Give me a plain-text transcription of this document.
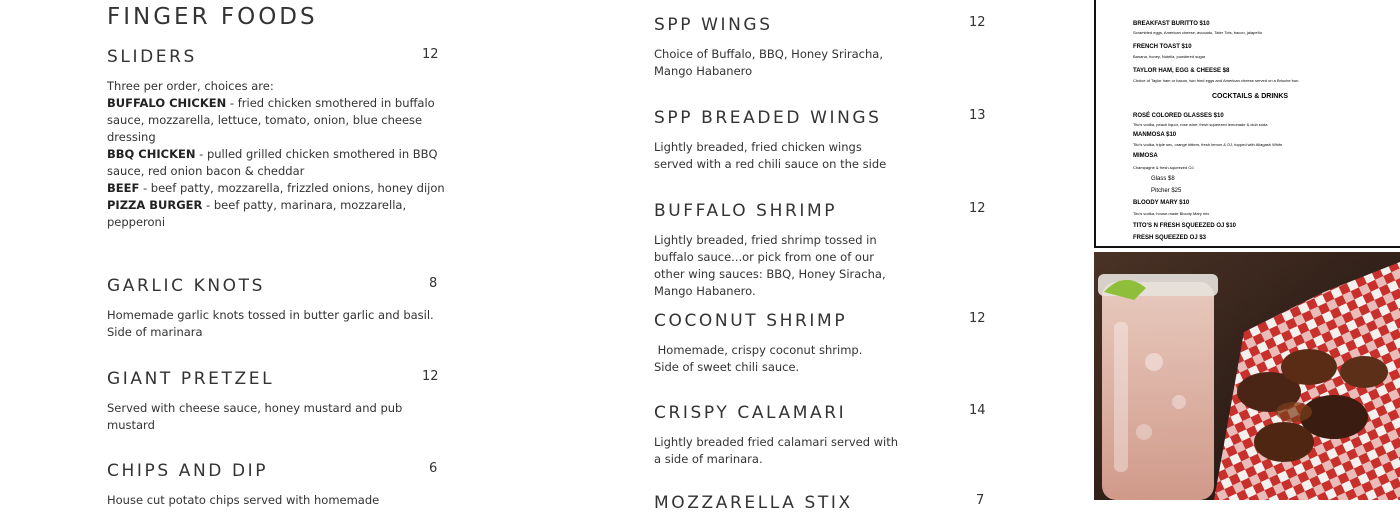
FINGER FOODS
SLIDERS	12

Three per order, choices are:

BUFFALO CHICKEN - fried chicken smothered in buffalo sauce, mozzarella, lettuce, tomato, onion, blue cheese dressing

BBQ CHICKEN - pulled grilled chicken smothered in BBQ sauce, red onion bacon & cheddar

BEEF - beef patty, mozzarella, frizzled onions, honey dijon

PIZZA BURGER - beef patty, marinara, mozzarella, pepperoni

GARLIC KNOTS	8
Homemade garlic knots tossed in butter garlic and basil. Side of marinara
GIANT PRETZEL	12
Served with cheese sauce, honey mustard and pub mustard
CHIPS AND DIP	6
House cut potato chips served with homemade
SPP WINGS	12
Choice of Buffalo, BBQ, Honey Sriracha, Mango Habanero
SPP BREADED WINGS	13
Lightly breaded, fried chicken wings served with a red chili sauce on the side
BUFFALO SHRIMP	12
Lightly breaded, fried shrimp tossed in buffalo sauce...or pick from one of our other wing sauces: BBQ, Honey Siracha, Mango Habanero.
COCONUT SHRIMP	12
Homemade, crispy coconut shrimp.  Side of sweet chili sauce.
CRISPY CALAMARI	14
Lightly breaded fried calamari served with a side of marinara.
MOZZARELLA STIX	7
BREAKFAST BURITTO $10
Scrambled eggs, American cheese, avocado, Tater Tots, bacon, jalapeño
FRENCH TOAST $10
Banana, honey, Nutella, powdered sugar
TAYLOR HAM, EGG & CHEESE $8
Choice of Taylor ham or bacon, two fried eggs and American cheese served on a Brioche bun.
COCKTAILS & DRINKS
ROSÉ COLORED GLASSES $10
Tito's vodka, peach liquor, rose wine, fresh squeezed lemonade & club soda
MANMOSA $10
Tito's vodka, triple sec, orange bitters, fresh lemon & OJ, topped with Allagash White
MIMOSA
Champagne & fresh-squeezed OJ.
Glass $8
Pitcher $25
BLOODY MARY $10
Tito's vodka, house-made Bloody Mary mix
TITO'S N FRESH SQUEEZED OJ $10
FRESH SQUEEZED OJ $3
